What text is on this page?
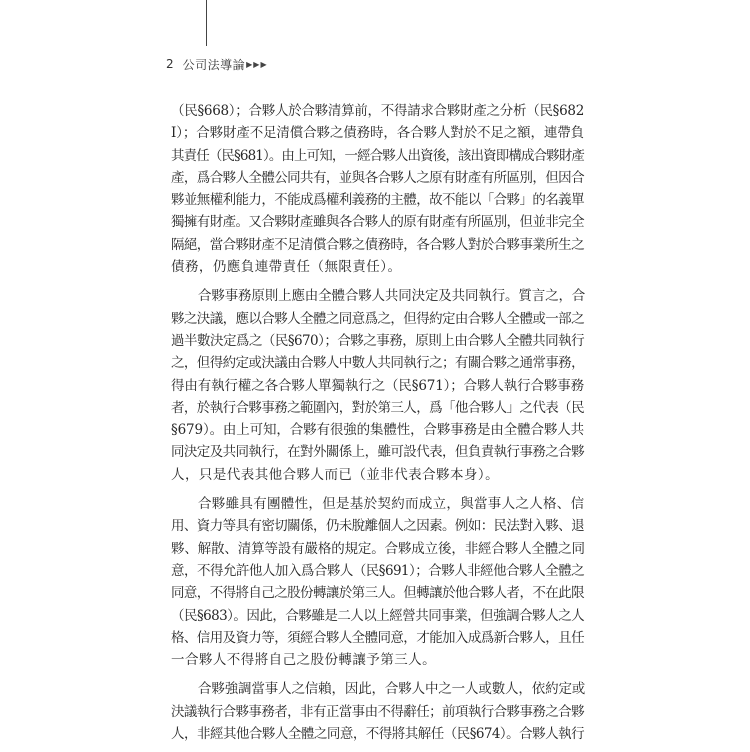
2 公司法導論 ▶▶▶
（民§668）；合夥人於合夥清算前，不得請求合夥財產之分析（民§682
I）；合夥財產不足清償合夥之債務時，各合夥人對於不足之額，連帶負
其責任（民§681）。由上可知，一經合夥人出資後，該出資即構成合夥財產
產，爲合夥人全體公同共有，並與各合夥人之原有財產有所區別，但因合
夥並無權利能力，不能成爲權利義務的主體，故不能以「合夥」的名義單
獨擁有財產。又合夥財產雖與各合夥人的原有財產有所區別，但並非完全
隔絕，當合夥財產不足清償合夥之債務時，各合夥人對於合夥事業所生之
債務，仍應負連帶責任（無限責任）。
合夥事務原則上應由全體合夥人共同決定及共同執行。質言之，合
夥之決議，應以合夥人全體之同意爲之，但得約定由合夥人全體或一部之
過半數決定爲之（民§670）；合夥之事務，原則上由合夥人全體共同執行
之，但得約定或決議由合夥人中數人共同執行之；有關合夥之通常事務，
得由有執行權之各合夥人單獨執行之（民§671）；合夥人執行合夥事務
者，於執行合夥事務之範圍內，對於第三人，爲「他合夥人」之代表（民
§679）。由上可知，合夥有很強的集體性，合夥事務是由全體合夥人共
同決定及共同執行，在對外關係上，雖可設代表，但負責執行事務之合夥
人，只是代表其他合夥人而已（並非代表合夥本身）。
合夥雖具有團體性，但是基於契約而成立，與當事人之人格、信
用、資力等具有密切關係，仍未脫離個人之因素。例如：民法對入夥、退
夥、解散、清算等設有嚴格的規定。合夥成立後，非經合夥人全體之同
意，不得允許他人加入爲合夥人（民§691）；合夥人非經他合夥人全體之
同意，不得將自己之股份轉讓於第三人。但轉讓於他合夥人者，不在此限
（民§683）。因此，合夥雖是二人以上經營共同事業，但強調合夥人之人
格、信用及資力等，須經合夥人全體同意，才能加入成爲新合夥人，且任
一合夥人不得將自己之股份轉讓予第三人。
合夥強調當事人之信賴，因此，合夥人中之一人或數人，依約定或
決議執行合夥事務者，非有正當事由不得辭任；前項執行合夥事務之合夥
人，非經其他合夥人全體之同意，不得將其解任（民§674）。合夥人執行
